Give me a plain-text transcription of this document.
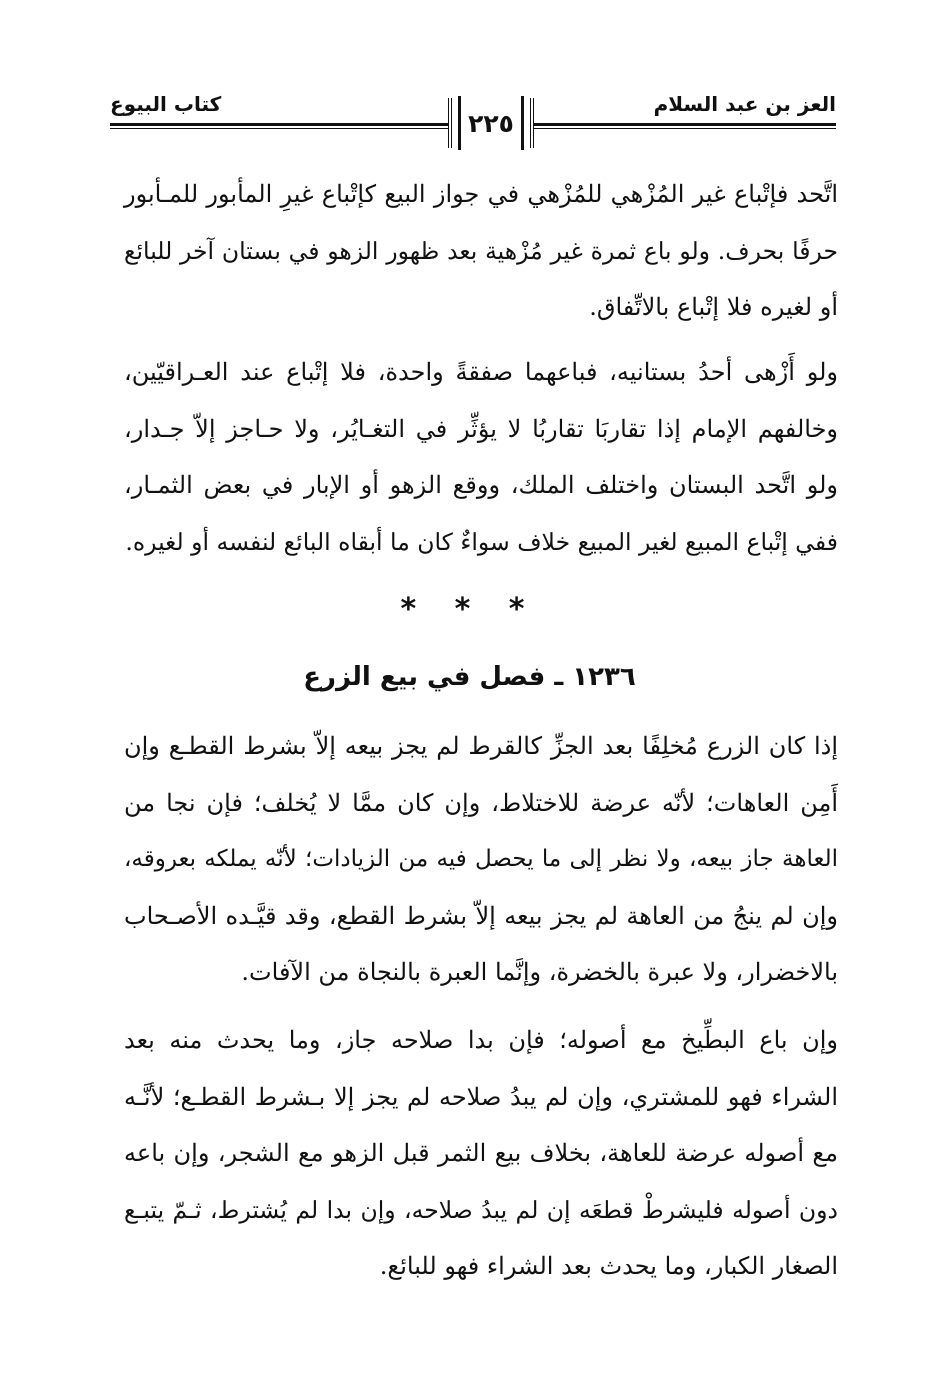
العز بن عبد السلام
كتاب البيوع
٢٢٥

اتَّحد فإتْباع غير المُزْهي للمُزْهي في جواز البيع كإتْباع غيرِ المأبور للمـأبور
حرفًا بحرف. ولو باع ثمرة غير مُزْهية بعد ظهور الزهو في بستان آخر للبائع
أو لغيره فلا إتْباع بالاتِّفاق.

ولو أَزْهى أحدُ بستانيه، فباعهما صفقةً واحدة، فلا إتْباع عند العـراقيّين،
وخالفهم الإمام إذا تقاربَا تقاربُا لا يؤثِّر في التغـايُر، ولا حـاجز إلاّ جـدار،
ولو اتَّحد البستان واختلف الملك، ووقع الزهو أو الإبار في بعض الثمـار،
ففي إتْباع المبيع لغير المبيع خلاف سواءٌ كان ما أبقاه البائع لنفسه أو لغيره.

* * *
١٢٣٦ ـ فصل في بيع الزرع

إذا كان الزرع مُخلِفًا بعد الجزِّ كالقرط لم يجز بيعه إلاّ بشرط القطـع وإن
أَمِن العاهات؛ لأنّه عرضة للاختلاط، وإن كان ممَّا لا يُخلف؛ فإن نجا من
العاهة جاز بيعه، ولا نظر إلى ما يحصل فيه من الزيادات؛ لأنّه يملكه بعروقه،
وإن لم ينجُ من العاهة لم يجز بيعه إلاّ بشرط القطع، وقد قيَّـده الأصـحاب
بالاخضرار، ولا عبرة بالخضرة، وإنَّما العبرة بالنجاة من الآفات.

وإن باع البطِّيخ مع أصوله؛ فإن بدا صلاحه جاز، وما يحدث منه بعد
الشراء فهو للمشتري، وإن لم يبدُ صلاحه لم يجز إلا بـشرط القطـع؛ لأنَّـه
مع أصوله عرضة للعاهة، بخلاف بيع الثمر قبل الزهو مع الشجر، وإن باعه
دون أصوله فليشرطْ قطعَه إن لم يبدُ صلاحه، وإن بدا لم يُشترط، ثـمّ يتبـع
الصغار الكبار، وما يحدث بعد الشراء فهو للبائع.
